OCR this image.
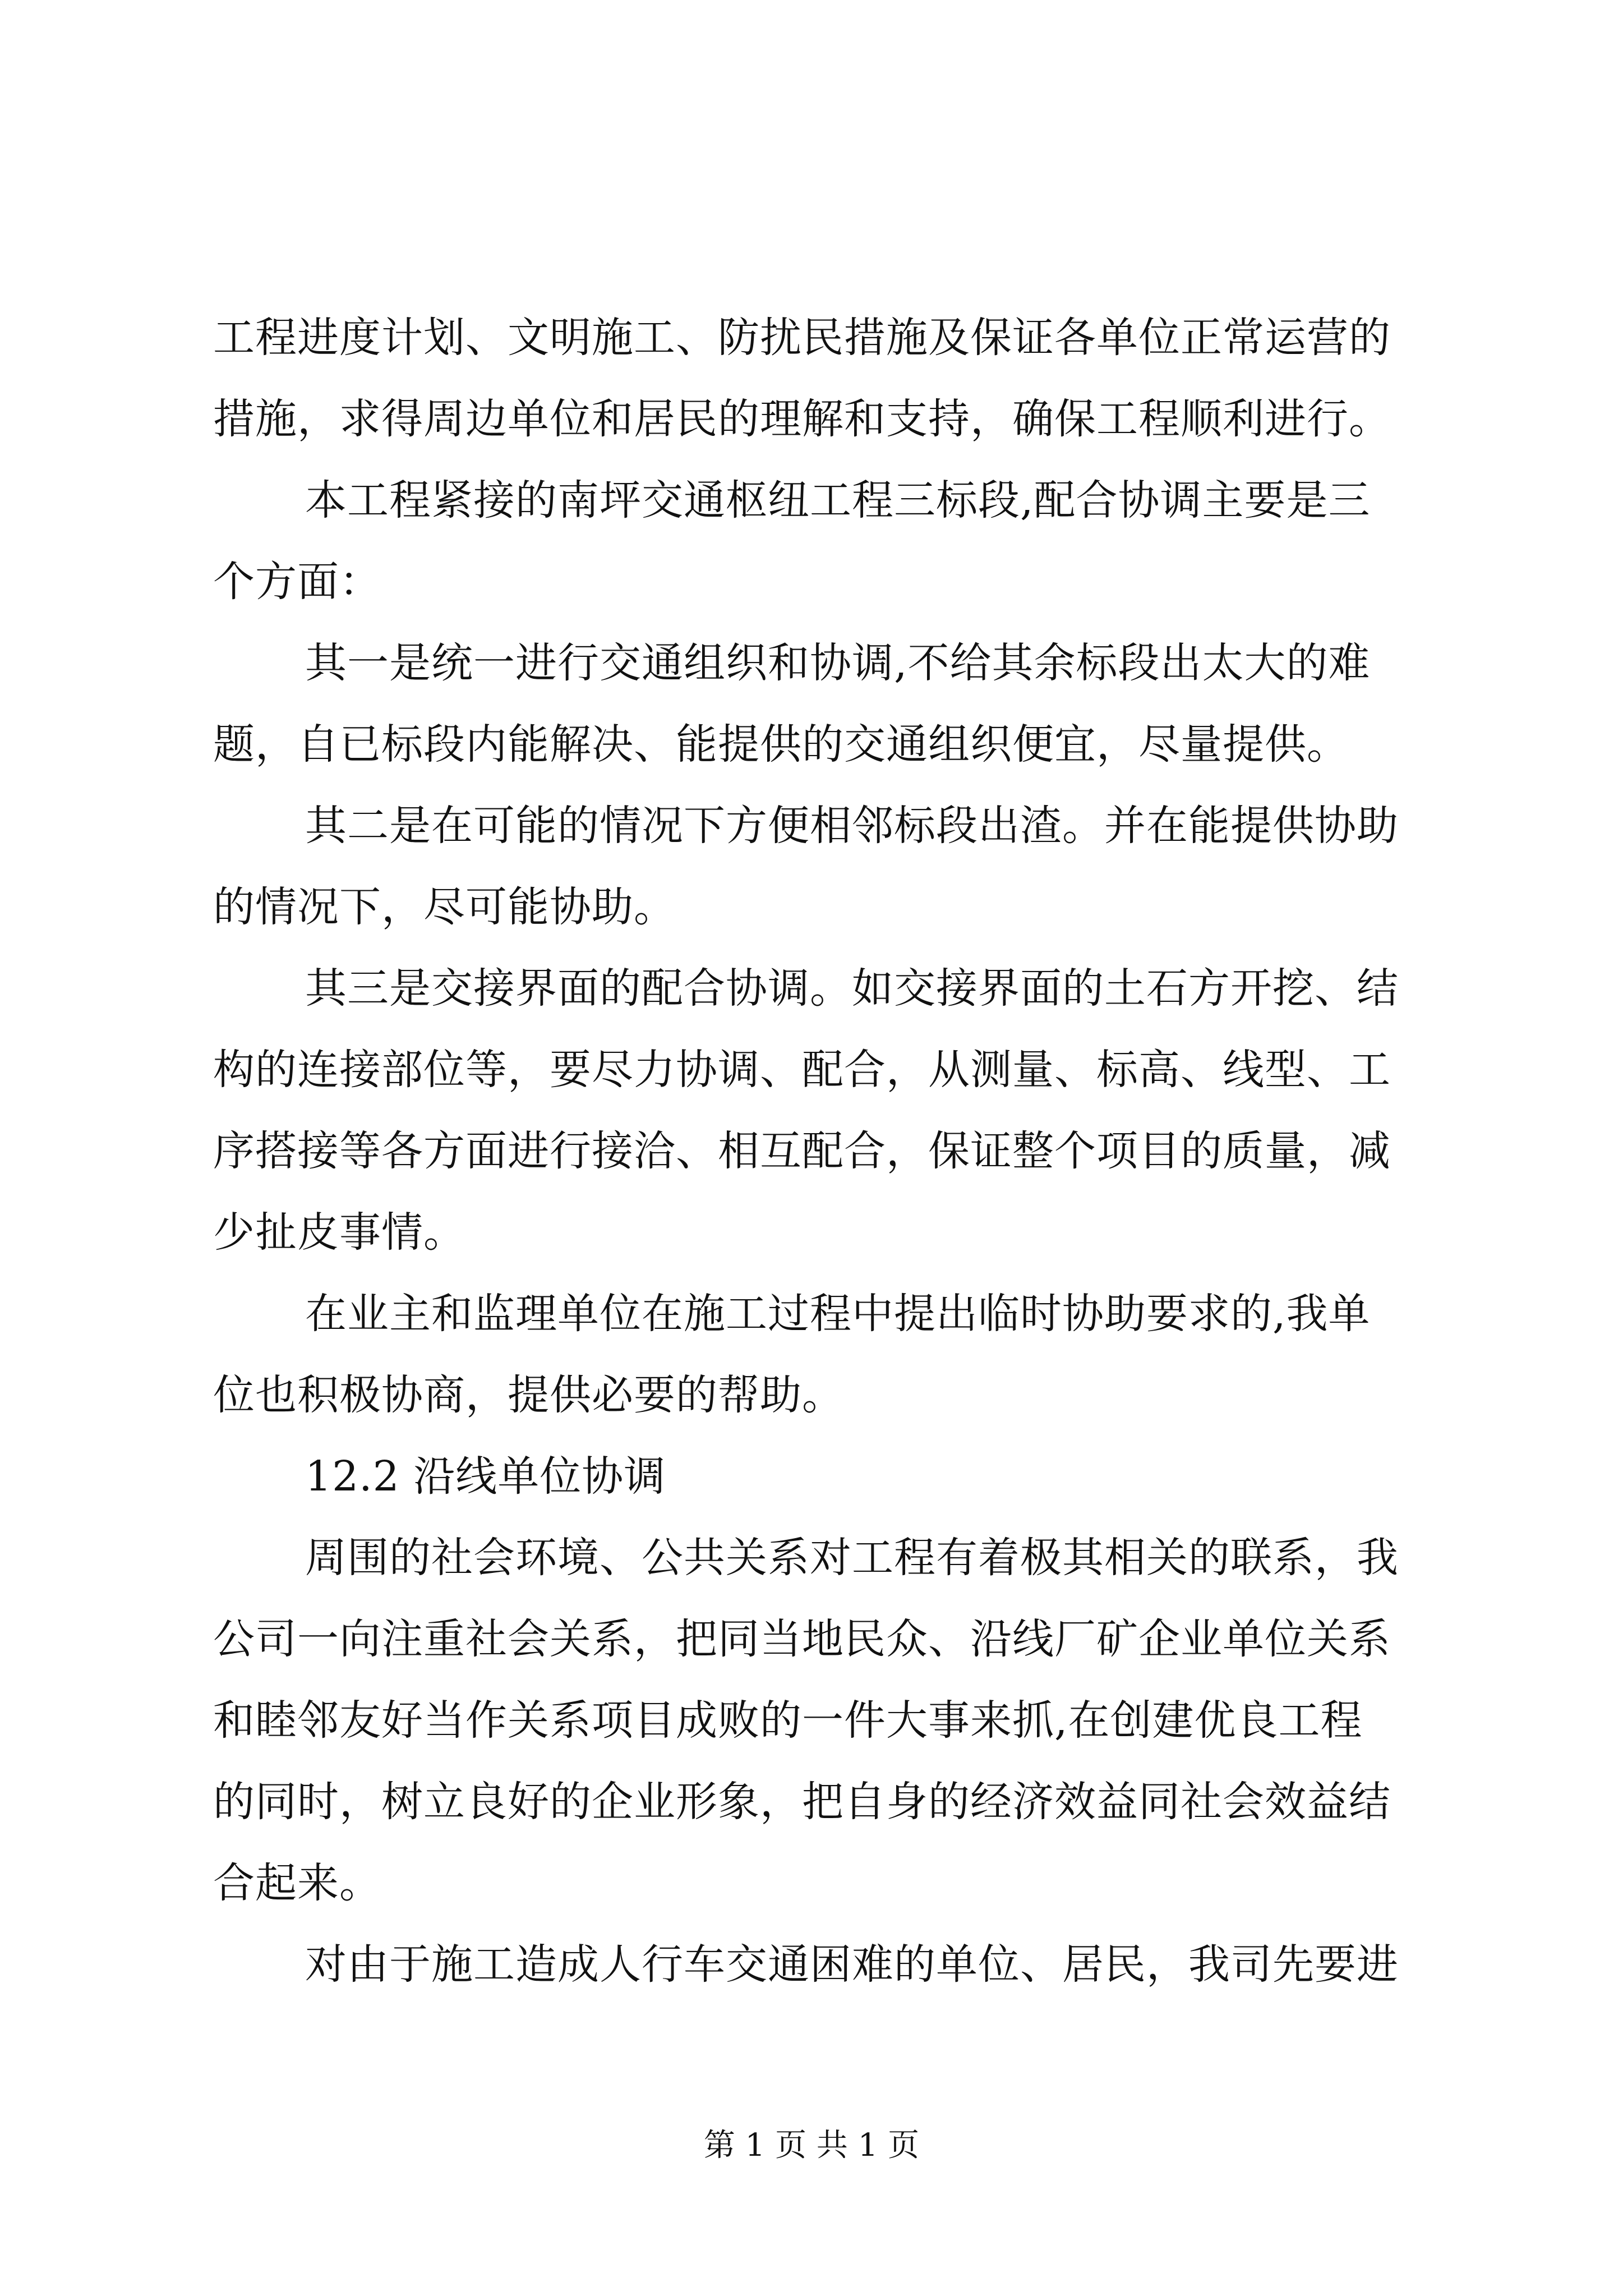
工程进度计划、文明施工、防扰民措施及保证各单位正常运营的
措施，求得周边单位和居民的理解和支持，确保工程顺利进行。
本工程紧接的南坪交通枢纽工程三标段,配合协调主要是三
个方面：
其一是统一进行交通组织和协调,不给其余标段出太大的难
题，自已标段内能解决、能提供的交通组织便宜，尽量提供。
其二是在可能的情况下方便相邻标段出渣。并在能提供协助
的情况下，尽可能协助。
其三是交接界面的配合协调。如交接界面的土石方开挖、结
构的连接部位等，要尽力协调、配合，从测量、标高、线型、工
序搭接等各方面进行接洽、相互配合，保证整个项目的质量，减
少扯皮事情。
在业主和监理单位在施工过程中提出临时协助要求的,我单
位也积极协商，提供必要的帮助。
12.2 沿线单位协调
周围的社会环境、公共关系对工程有着极其相关的联系，我
公司一向注重社会关系，把同当地民众、沿线厂矿企业单位关系
和睦邻友好当作关系项目成败的一件大事来抓,在创建优良工程
的同时，树立良好的企业形象，把自身的经济效益同社会效益结
合起来。
对由于施工造成人行车交通困难的单位、居民，我司先要进
第 1 页 共 1 页
